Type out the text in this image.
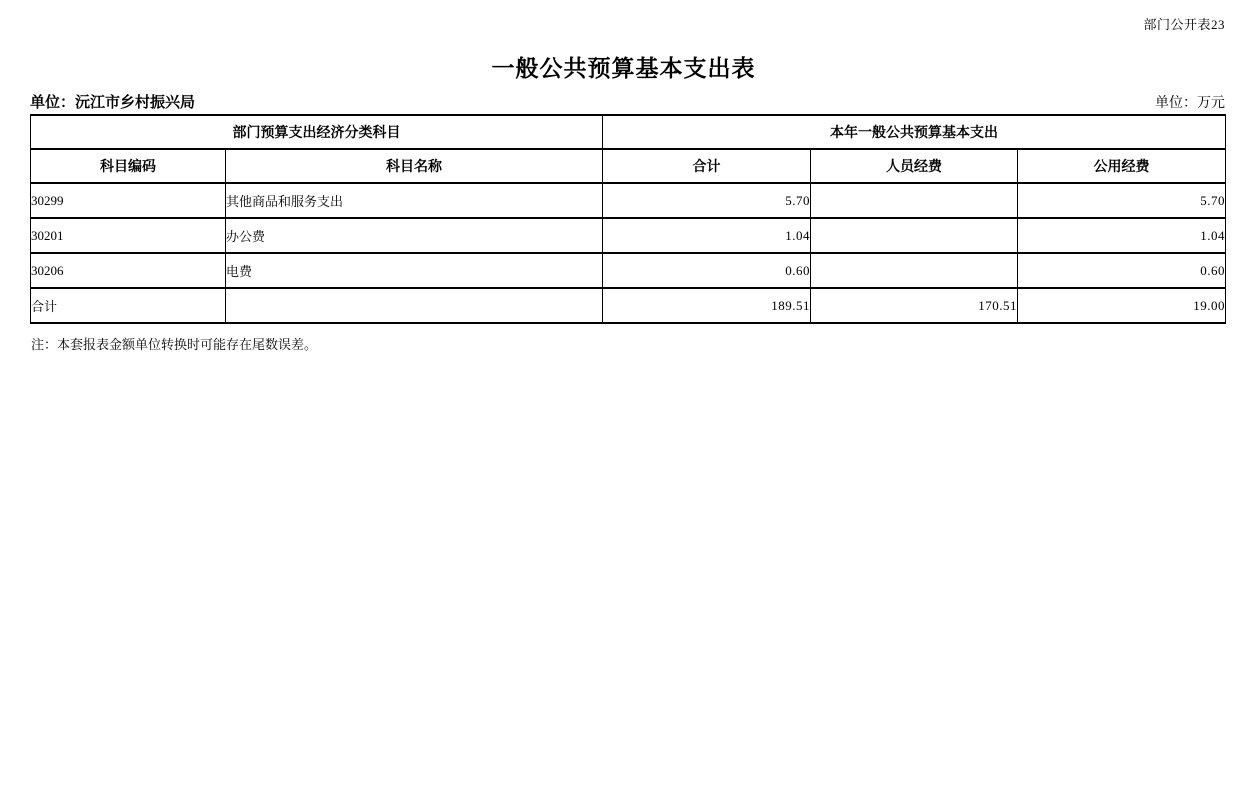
部门公开表23
一般公共预算基本支出表
单位：沅江市乡村振兴局	单位：万元
部门预算支出经济分类科目		本年一般公共预算基本支出		
科目编码	科目名称	合计	人员经费	公用经费
30299	其他商品和服务支出	5.70		5.70
30201	办公费	1.04		1.04
30206	电费	0.60		0.60
合计		189.51	170.51	19.00
注：本套报表金额单位转换时可能存在尾数误差。
